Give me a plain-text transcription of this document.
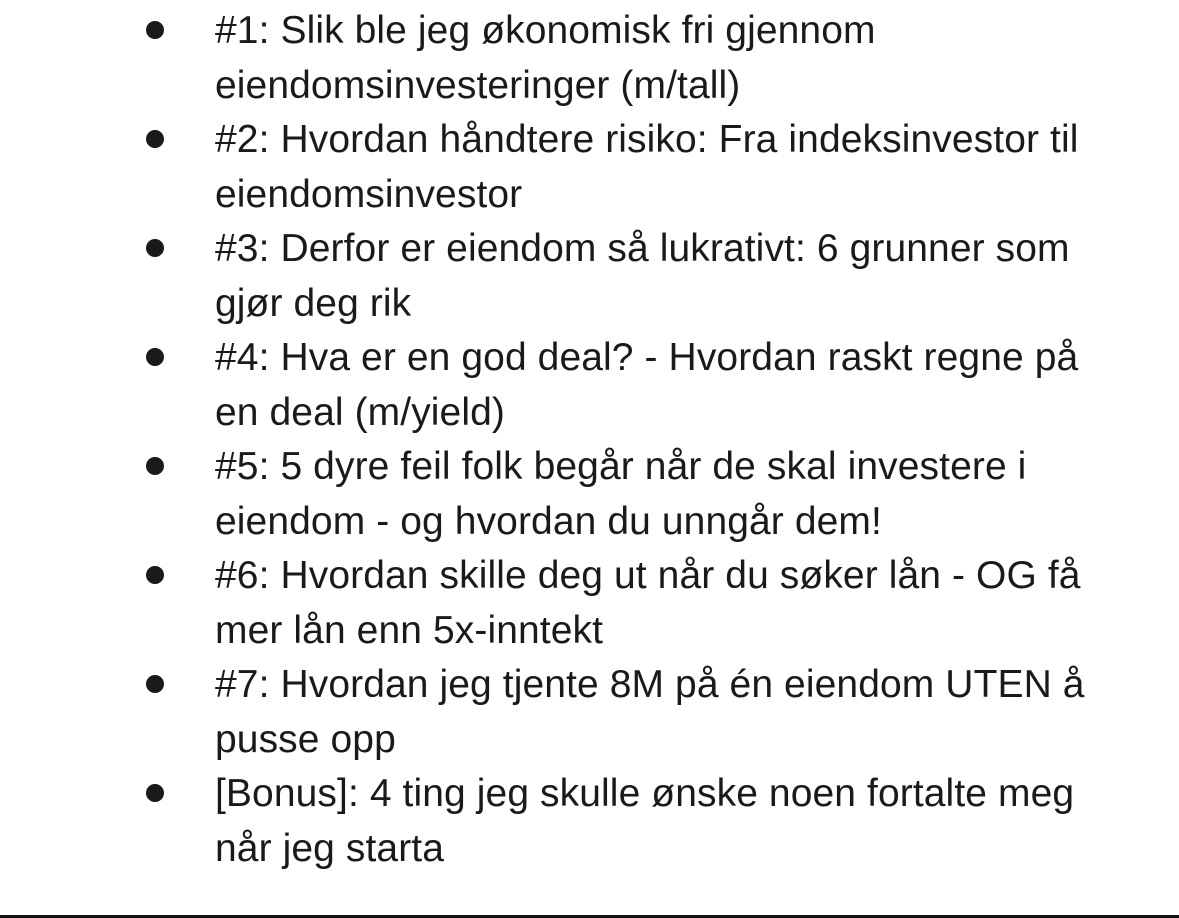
#1: Slik ble jeg økonomisk fri gjennom eiendomsinvesteringer (m/tall)
#2: Hvordan håndtere risiko: Fra indeksinvestor til eiendomsinvestor
#3: Derfor er eiendom så lukrativt: 6 grunner som gjør deg rik
#4: Hva er en god deal? - Hvordan raskt regne på en deal (m/yield)
#5: 5 dyre feil folk begår når de skal investere i eiendom - og hvordan du unngår dem!
#6: Hvordan skille deg ut når du søker lån - OG få mer lån enn 5x-inntekt
#7: Hvordan jeg tjente 8M på én eiendom UTEN å pusse opp
[Bonus]: 4 ting jeg skulle ønske noen fortalte meg når jeg starta
